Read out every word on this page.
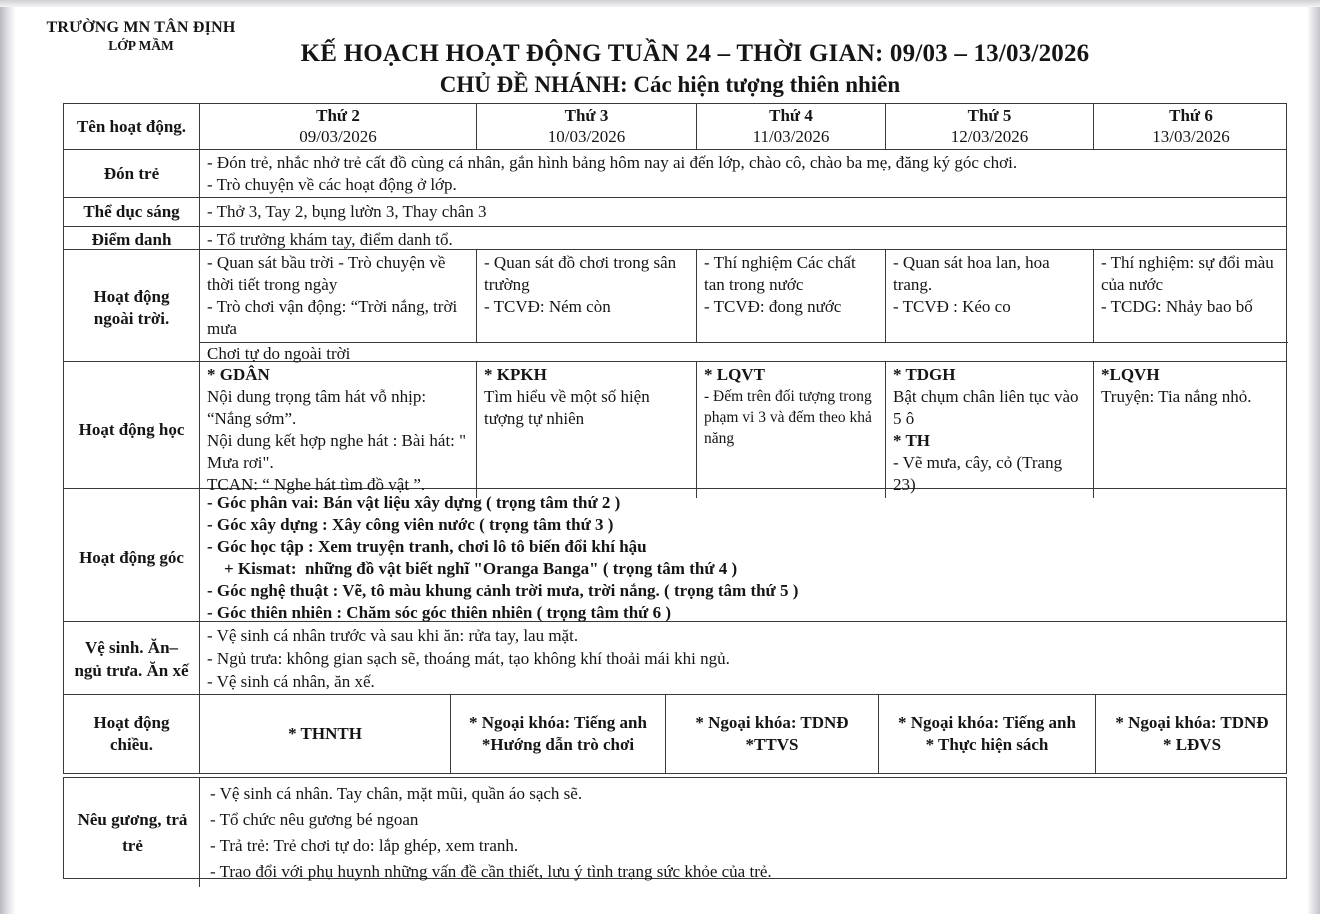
TRƯỜNG MN TÂN ĐỊNH
LỚP MẦM	KẾ HOẠCH HOẠT ĐỘNG TUẦN 24 – THỜI GIAN: 09/03 – 13/03/2026
CHỦ ĐỀ NHÁNH: Các hiện tượng thiên nhiên
Tên hoạt động.
Thứ 2
09/03/2026
Thứ 3
10/03/2026
Thứ 4
11/03/2026
Thứ 5
12/03/2026
Thứ 6
13/03/2026
Đón trẻ
- Đón trẻ, nhắc nhở trẻ cất đồ cùng cá nhân, gắn hình bảng hôm nay ai đến lớp, chào cô, chào ba mẹ, đăng ký góc chơi.
- Trò chuyện về các hoạt động ở lớp.
Thể dục sáng - Thở 3, Tay 2, bụng lườn 3, Thay chân 3
Điểm danh - Tổ trưởng khám tay, điểm danh tổ.
Hoạt động ngoài trời.
- Quan sát bầu trời - Trò chuyện về thời tiết trong ngày
- Trò chơi vận động: “Trời nắng, trời mưa
- Quan sát đồ chơi trong sân trường
- TCVĐ: Ném còn
- Thí nghiệm Các chất tan trong nước
- TCVĐ: đong nước
- Quan sát hoa lan, hoa trang.
- TCVĐ : Kéo co
- Thí nghiệm: sự đổi màu của nước
- TCDG: Nhảy bao bố
Chơi tự do ngoài trời
Hoạt động học
* GDÂN
Nội dung trọng tâm hát vỗ nhịp: “Nắng sớm”.
Nội dung kết hợp nghe hát : Bài hát: " Mưa rơi".
TCAN: “ Nghe hát tìm đồ vật ”.
* KPKH
Tìm hiểu về một số hiện tượng tự nhiên
* LQVT
- Đếm trên đối tượng trong phạm vi 3 và đếm theo khả năng
* TDGH
Bật chụm chân liên tục vào 5 ô
* TH
- Vẽ mưa, cây, cỏ (Trang 23)
*LQVH
Truyện: Tia nắng nhỏ.
Hoạt động góc
- Góc phân vai: Bán vật liệu xây dựng ( trọng tâm thứ 2 )
- Góc xây dựng : Xây công viên nước ( trọng tâm thứ 3 )
- Góc học tập : Xem truyện tranh, chơi lô tô biến đổi khí hậu
+ Kismat:  những đồ vật biết nghĩ "Oranga Banga" ( trọng tâm thứ 4 )
- Góc nghệ thuật : Vẽ, tô màu khung cảnh trời mưa, trời nắng. ( trọng tâm thứ 5 )
- Góc thiên nhiên : Chăm sóc góc thiên nhiên ( trọng tâm thứ 6 )
Vệ sinh. Ăn– ngủ trưa. Ăn xế
- Vệ sinh cá nhân trước và sau khi ăn: rửa tay, lau mặt.
- Ngủ trưa: không gian sạch sẽ, thoáng mát, tạo không khí thoải mái khi ngủ.
- Vệ sinh cá nhân, ăn xế.
Hoạt động chiều.
* THNTH
* Ngoại khóa: Tiếng anh
*Hướng dẫn trò chơi
* Ngoại khóa: TDNĐ
*TTVS
* Ngoại khóa: Tiếng anh
* Thực hiện sách
* Ngoại khóa: TDNĐ
* LĐVS
Nêu gương, trả trẻ
- Vệ sinh cá nhân. Tay chân, mặt mũi, quần áo sạch sẽ.
- Tổ chức nêu gương bé ngoan
- Trả trẻ: Trẻ chơi tự do: lắp ghép, xem tranh.
- Trao đổi với phụ huynh những vấn đề cần thiết, lưu ý tình trạng sức khỏe của trẻ.
